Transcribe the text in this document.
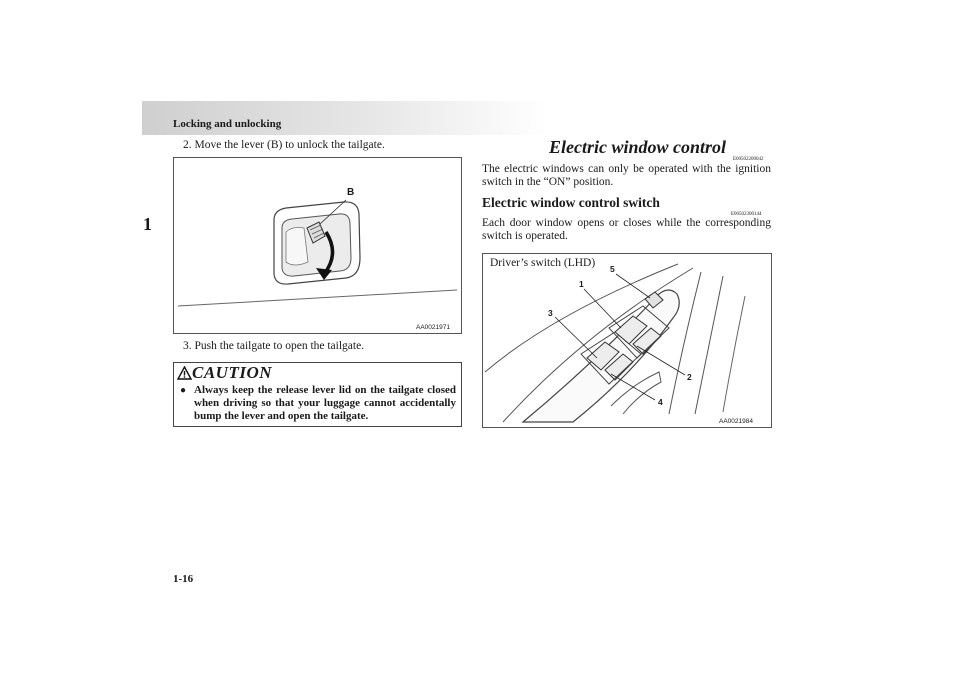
Locking and unlocking
1
2. Move the lever (B) to unlock the tailgate.
B
AA0021971
3. Push the tailgate to open the tailgate.
CAUTION
● Always keep the release lever lid on the tailgate closed when driving so that your luggage cannot accidentally bump the lever and open the tailgate.
Electric window control
E00502200042
The electric windows can only be operated with the ignition switch in the “ON” position.
Electric window control switch
E00502300144
Each door window opens or closes while the corresponding switch is operated.
Driver’s switch (LHD)
1
2
3
4
5
AA0021984
1-16
